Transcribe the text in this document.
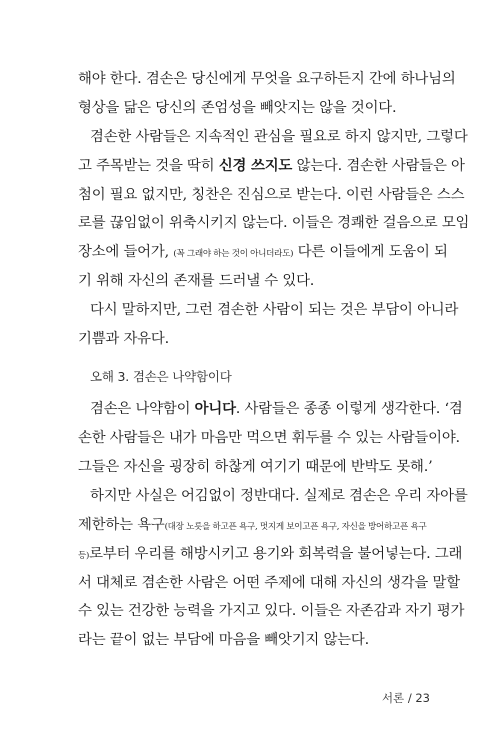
해야 한다. 겸손은 당신에게 무엇을 요구하든지 간에 하나님의
형상을 닮은 당신의 존엄성을 빼앗지는 않을 것이다.
겸손한 사람들은 지속적인 관심을 필요로 하지 않지만, 그렇다
고 주목받는 것을 딱히 신경 쓰지도 않는다. 겸손한 사람들은 아
첨이 필요 없지만, 칭찬은 진심으로 받는다. 이런 사람들은 스스
로를 끊임없이 위축시키지 않는다. 이들은 경쾌한 걸음으로 모임
장소에 들어가, (꼭 그래야 하는 것이 아니더라도) 다른 이들에게 도움이 되
기 위해 자신의 존재를 드러낼 수 있다.
다시 말하지만, 그런 겸손한 사람이 되는 것은 부담이 아니라
기쁨과 자유다.
오해 3. 겸손은 나약함이다
겸손은 나약함이 아니다. 사람들은 종종 이렇게 생각한다. ‘겸
손한 사람들은 내가 마음만 먹으면 휘두를 수 있는 사람들이야.
그들은 자신을 굉장히 하찮게 여기기 때문에 반박도 못해.’
하지만 사실은 어김없이 정반대다. 실제로 겸손은 우리 자아를
제한하는 욕구(대장 노릇을 하고픈 욕구, 멋지게 보이고픈 욕구, 자신을 방어하고픈 욕구
등)로부터 우리를 해방시키고 용기와 회복력을 불어넣는다. 그래
서 대체로 겸손한 사람은 어떤 주제에 대해 자신의 생각을 말할
수 있는 건강한 능력을 가지고 있다. 이들은 자존감과 자기 평가
라는 끝이 없는 부담에 마음을 빼앗기지 않는다.
서론 / 23
